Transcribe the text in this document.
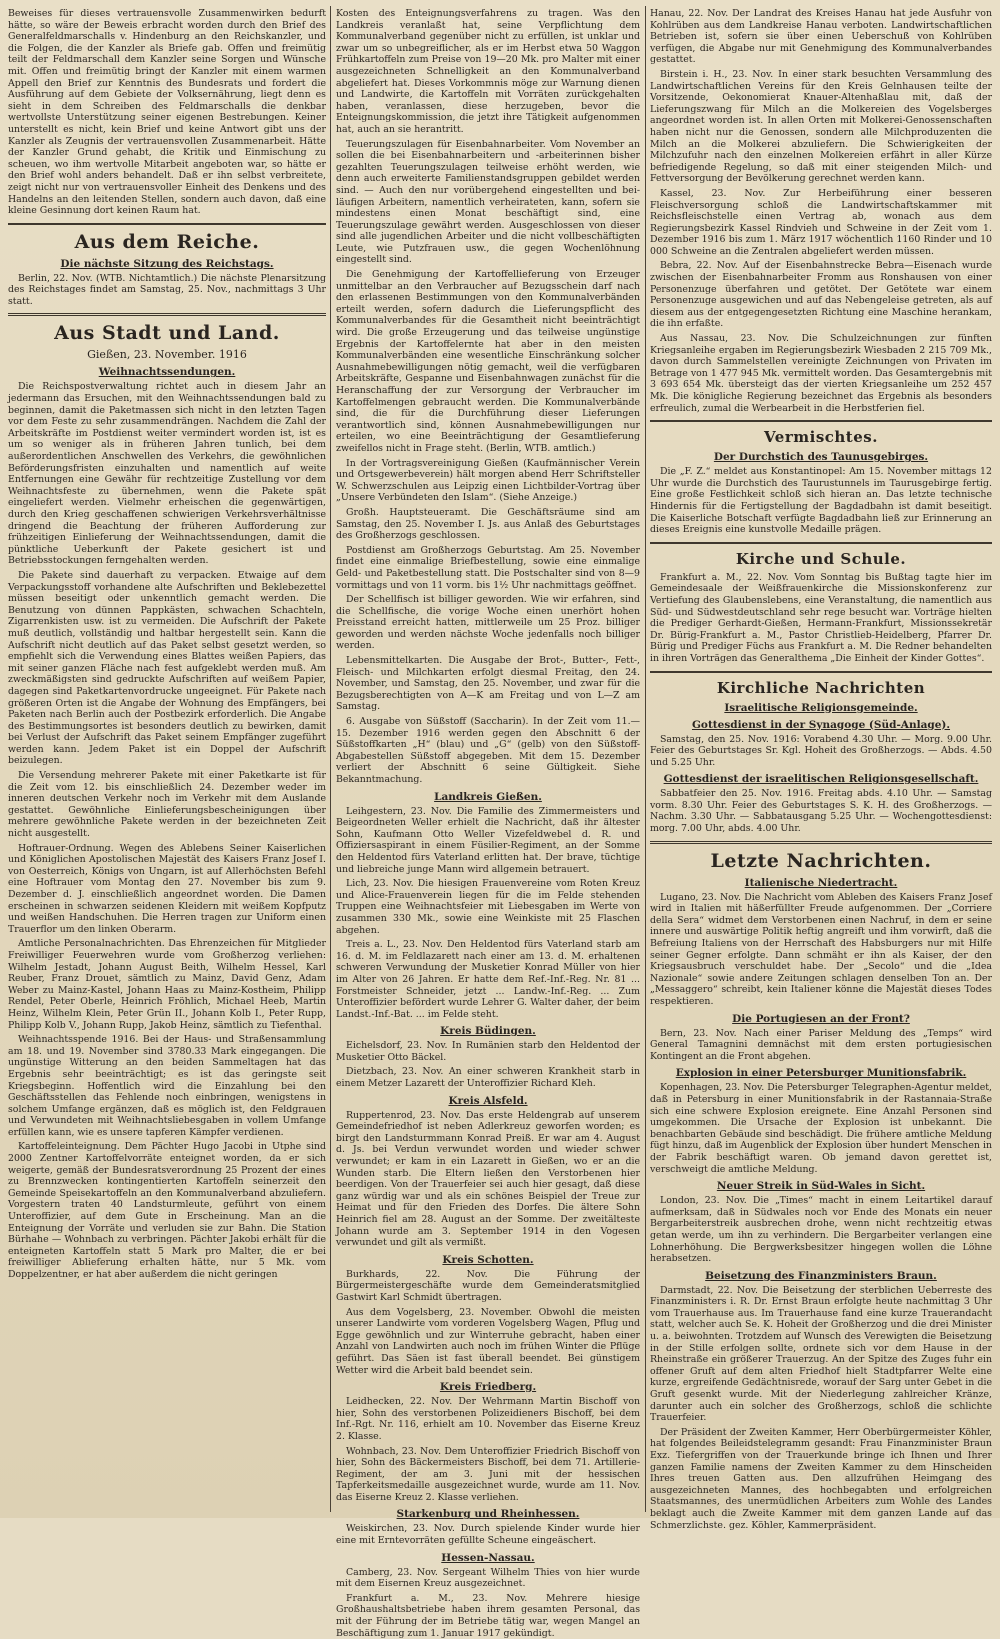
Beweises für dieses vertrauensvolle Zusammenwirken bedurft hätte, so wäre der Beweis erbracht worden durch den Brief des Generalfeldmarschalls v. Hindenburg an den Reichskanzler, und die Folgen, die der Kanzler als Briefe gab. Offen und freimütig teilt der Feldmarschall dem Kanzler seine Sorgen und Wünsche mit. Offen und freimütig bringt der Kanzler mit einem warmen Appell den Brief zur Kenntnis des Bundesrats und fordert die Ausführung auf dem Gebiete der Volksernährung, liegt denn es sieht in dem Schreiben des Feldmarschalls die denkbar wertvollste Unterstützung seiner eigenen Bestrebungen. Keiner unterstellt es nicht, kein Brief und keine Antwort gibt uns der Kanzler als Zeugnis der vertrauensvollen Zusammenarbeit. Hätte der Kanzler Grund gehabt, die Kritik und Einmischung zu scheuen, wo ihm wertvolle Mitarbeit angeboten war, so hätte er den Brief wohl anders behandelt. Daß er ihn selbst verbreitete, zeigt nicht nur von vertrauensvoller Einheit des Denkens und des Handelns an den leitenden Stellen, sondern auch davon, daß eine kleine Gesinnung dort keinen Raum hat.

Aus dem Reiche.
Die nächste Sitzung des Reichstags.

Berlin, 22. Nov. (WTB. Nichtamtlich.) Die nächste Plenarsitzung des Reichstages findet am Samstag, 25. Nov., nachmittags 3 Uhr statt.

Aus Stadt und Land.
Gießen, 23. November. 1916
Weihnachtssendungen.

Die Reichspostverwaltung richtet auch in diesem Jahr an jedermann das Ersuchen, mit den Weihnachtssendungen bald zu beginnen, damit die Paketmassen sich nicht in den letzten Tagen vor dem Feste zu sehr zusammendrängen. Nachdem die Zahl der Arbeitskräfte im Postdienst weiter vermindert worden ist, ist es um so weniger als in früheren Jahren tunlich, bei dem außerordentlichen Anschwellen des Verkehrs, die gewöhnlichen Beförderungsfristen einzuhalten und namentlich auf weite Entfernungen eine Gewähr für rechtzeitige Zustellung vor dem Weihnachtsfeste zu übernehmen, wenn die Pakete spät eingeliefert werden. Vielmehr erheischen die gegenwärtigen, durch den Krieg geschaffenen schwierigen Verkehrsverhältnisse dringend die Beachtung der früheren Aufforderung zur frühzeitigen Einlieferung der Weihnachtssendungen, damit die pünktliche Ueberkunft der Pakete gesichert ist und Betriebsstockungen ferngehalten werden.

Die Pakete sind dauerhaft zu verpacken. Etwaige auf dem Verpackungsstoff vorhandene alte Aufschriften und Beklebezettel müssen beseitigt oder unkenntlich gemacht werden. Die Benutzung von dünnen Pappkästen, schwachen Schachteln, Zigarrenkisten usw. ist zu vermeiden. Die Aufschrift der Pakete muß deutlich, vollständig und haltbar hergestellt sein. Kann die Aufschrift nicht deutlich auf das Paket selbst gesetzt werden, so empfiehlt sich die Verwendung eines Blattes weißen Papiers, das mit seiner ganzen Fläche nach fest aufgeklebt werden muß. Am zweckmäßigsten sind gedruckte Aufschriften auf weißem Papier, dagegen sind Paketkartenvordrucke ungeeignet. Für Pakete nach größeren Orten ist die Angabe der Wohnung des Empfängers, bei Paketen nach Berlin auch der Postbezirk erforderlich. Die Angabe des Bestimmungsortes ist besonders deutlich zu bewirken, damit bei Verlust der Aufschrift das Paket seinem Empfänger zugeführt werden kann. Jedem Paket ist ein Doppel der Aufschrift beizulegen.

Die Versendung mehrerer Pakete mit einer Paketkarte ist für die Zeit vom 12. bis einschließlich 24. Dezember weder im inneren deutschen Verkehr noch im Verkehr mit dem Auslande gestattet. Gewöhnliche Einlieferungsbescheinigungen über mehrere gewöhnliche Pakete werden in der bezeichneten Zeit nicht ausgestellt.

Hoftrauer-Ordnung. Wegen des Ablebens Seiner Kaiserlichen und Königlichen Apostolischen Majestät des Kaisers Franz Josef I. von Oesterreich, Königs von Ungarn, ist auf Allerhöchsten Befehl eine Hoftrauer vom Montag den 27. November bis zum 9. Dezember d. J. einschließlich angeordnet worden. Die Damen erscheinen in schwarzen seidenen Kleidern mit weißem Kopfputz und weißen Handschuhen. Die Herren tragen zur Uniform einen Trauerflor um den linken Oberarm.

Amtliche Personalnachrichten. Das Ehrenzeichen für Mitglieder Freiwilliger Feuerwehren wurde vom Großherzog verliehen: Wilhelm Jestadt, Johann August Beith, Wilhelm Hessel, Karl Reuber, Franz Drouet, sämtlich zu Mainz, David Genz, Adam Weber zu Mainz-Kastel, Johann Haas zu Mainz-Kostheim, Philipp Rendel, Peter Oberle, Heinrich Fröhlich, Michael Heeb, Martin Heinz, Wilhelm Klein, Peter Grün II., Johann Kolb I., Peter Rupp, Philipp Kolb V., Johann Rupp, Jakob Heinz, sämtlich zu Tiefenthal.

Weihnachtsspende 1916. Bei der Haus- und Straßensammlung am 18. und 19. November sind 3780.33 Mark eingegangen. Die ungünstige Witterung an den beiden Sammeltagen hat das Ergebnis sehr beeinträchtigt; es ist das geringste seit Kriegsbeginn. Hoffentlich wird die Einzahlung bei den Geschäftsstellen das Fehlende noch einbringen, wenigstens in solchem Umfange ergänzen, daß es möglich ist, den Feldgrauen und Verwundeten mit Weihnachtsliebesgaben in vollem Umfange erfüllen kann, wie es unsere tapferen Kämpfer verdienen.

Kartoffeleinteignung. Dem Pächter Hugo Jacobi in Utphe sind 2000 Zentner Kartoffelvorräte enteignet worden, da er sich weigerte, gemäß der Bundesratsverordnung 25 Prozent der eines zu Brennzwecken kontingentierten Kartoffeln seinerzeit den Gemeinde Speisekartoffeln an den Kommunalverband abzuliefern. Vorgestern traten 40 Landsturmleute, geführt von einem Unteroffizier, auf dem Gute in Erscheinung. Man an die Enteignung der Vorräte und verluden sie zur Bahn. Die Station Bürhahe — Wohnbach zu verbringen. Pächter Jakobi erhält für die enteigneten Kartoffeln statt 5 Mark pro Malter, die er bei freiwilliger Ablieferung erhalten hätte, nur 5 Mk. vom Doppelzentner, er hat aber außerdem die nicht geringen

Kosten des Enteignungsverfahrens zu tragen. Was den Landkreis veranlaßt hat, seine Verpflichtung dem Kommunalverband gegenüber nicht zu erfüllen, ist unklar und zwar um so unbegreiflicher, als er im Herbst etwa 50 Waggon Frühkartoffeln zum Preise von 19—20 Mk. pro Malter mit einer ausgezeichneten Schnelligkeit an den Kommunalverband abgeliefert hat. Dieses Vorkommnis möge zur Warnung dienen und Landwirte, die Kartoffeln mit Vorräten zurückgehalten haben, veranlassen, diese herzugeben, bevor die Enteignungskommission, die jetzt ihre Tätigkeit aufgenommen hat, auch an sie herantritt.

Teuerungszulagen für Eisenbahnarbeiter. Vom November an sollen die bei Eisenbahnarbeitern und -arbeiterinnen bisher gezahlten Teuerungszulagen teilweise erhöht werden, wie denn auch erweiterte Familienstandsgruppen gebildet werden sind. — Auch den nur vorübergehend eingestellten und bei-läufigen Arbeitern, namentlich verheirateten, kann, sofern sie mindestens einen Monat beschäftigt sind, eine Teuerungszulage gewährt werden. Ausgeschlossen von dieser sind alle jugendlichen Arbeiter und die nicht vollbeschäftigten Leute, wie Putzfrauen usw., die gegen Wochenlöhnung eingestellt sind.

Die Genehmigung der Kartoffellieferung von Erzeuger unmittelbar an den Verbraucher auf Bezugsschein darf nach den erlassenen Bestimmungen von den Kommunalverbänden erteilt werden, sofern dadurch die Lieferungspflicht des Kommunalverbandes für die Gesamtheit nicht beeinträchtigt wird. Die große Erzeugerung und das teilweise ungünstige Ergebnis der Kartoffelernte hat aber in den meisten Kommunalverbänden eine wesentliche Einschränkung solcher Ausnahmebewilligungen nötig gemacht, weil die verfügbaren Arbeitskräfte, Gespanne und Eisenbahnwagen zunächst für die Heranschaffung der zur Versorgung der Verbraucher im Kartoffelmengen gebraucht werden. Die Kommunalverbände sind, die für die Durchführung dieser Lieferungen verantwortlich sind, können Ausnahmebewilligungen nur erteilen, wo eine Beeinträchtigung der Gesamtlieferung zweifellos nicht in Frage steht. (Berlin, WTB. amtlich.)

In der Vortragsvereinigung Gießen (Kaufmännischer Verein und Ortsgewerbeverein) hält morgen abend Herr Schriftsteller W. Schwerzschulen aus Leipzig einen Lichtbilder-Vortrag über „Unsere Verbündeten den Islam“. (Siehe Anzeige.)

Großh. Hauptsteueramt. Die Geschäftsräume sind am Samstag, den 25. November I. Js. aus Anlaß des Geburtstages des Großherzogs geschlossen.

Postdienst am Großherzogs Geburtstag. Am 25. November findet eine einmalige Briefbestellung, sowie eine einmalige Geld- und Paketbestellung statt. Die Postschalter sind von 8—9 vormittags und von 11 vorm. bis 1½ Uhr nachmittags geöffnet.

Der Schellfisch ist billiger geworden. Wie wir erfahren, sind die Schellfische, die vorige Woche einen unerhört hohen Preisstand erreicht hatten, mittlerweile um 25 Proz. billiger geworden und werden nächste Woche jedenfalls noch billiger werden.

Lebensmittelkarten. Die Ausgabe der Brot-, Butter-, Fett-, Fleisch- und Milchkarten erfolgt diesmal Freitag, den 24. November, und Samstag, den 25. November, und zwar für die Bezugsberechtigten von A—K am Freitag und von L—Z am Samstag.

6. Ausgabe von Süßstoff (Saccharin). In der Zeit vom 11.—15. Dezember 1916 werden gegen den Abschnitt 6 der Süßstoffkarten „H“ (blau) und „G“ (gelb) von den Süßstoff-Abgabestellen Süßstoff abgegeben. Mit dem 15. Dezember verliert der Abschnitt 6 seine Gültigkeit. Siehe Bekanntmachung.

Landkreis Gießen.

Leihgestern, 23. Nov. Die Familie des Zimmermeisters und Beigeordneten Weller erhielt die Nachricht, daß ihr ältester Sohn, Kaufmann Otto Weller Vizefeldwebel d. R. und Offiziersaspirant in einem Füsilier-Regiment, an der Somme den Heldentod fürs Vaterland erlitten hat. Der brave, tüchtige und liebreiche junge Mann wird allgemein betrauert.

Lich, 23. Nov. Die hiesigen Frauenvereine vom Roten Kreuz und Alice-Frauenverein liegen für die im Felde stehenden Truppen eine Weihnachtsfeier mit Liebesgaben im Werte von zusammen 330 Mk., sowie eine Weinkiste mit 25 Flaschen abgehen.

Treis a. L., 23. Nov. Den Heldentod fürs Vaterland starb am 16. d. M. im Feldlazarett nach einer am 13. d. M. erhaltenen schweren Verwundung der Musketier Konrad Müller von hier im Alter von 26 Jahren. Er hatte dem Ref.-Inf.-Reg. Nr. 81 ... Forstmeister Schneider, jetzt ... Landw.-Inf.-Reg. ... Zum Unteroffizier befördert wurde Lehrer G. Walter daher, der beim Landst.-Inf.-Bat. ... im Felde steht.

Kreis Büdingen.

Eichelsdorf, 23. Nov. In Rumänien starb den Heldentod der Musketier Otto Bäckel.

Dietzbach, 23. Nov. An einer schweren Krankheit starb in einem Metzer Lazarett der Unteroffizier Richard Kleh.

Kreis Alsfeld.

Ruppertenrod, 23. Nov. Das erste Heldengrab auf unserem Gemeindefriedhof ist neben Adlerkreuz geworfen worden; es birgt den Landsturmmann Konrad Preiß. Er war am 4. August d. Js. bei Verdun verwundet worden und wieder schwer verwundet; er kam in ein Lazarett in Gießen, wo er an die Wunden starb. Die Eltern ließen den Verstorbenen hier beerdigen. Von der Trauerfeier sei auch hier gesagt, daß diese ganz würdig war und als ein schönes Beispiel der Treue zur Heimat und für den Frieden des Dorfes. Die ältere Sohn Heinrich fiel am 28. August an der Somme. Der zweitälteste Johann wurde am 3. September 1914 in den Vogesen verwundet und gilt als vermißt.

Kreis Schotten.

Burkhards, 22. Nov. Die Führung der Bürgermeistergeschäfte wurde dem Gemeinderatsmitglied Gastwirt Karl Schmidt übertragen.

Aus dem Vogelsberg, 23. November. Obwohl die meisten unserer Landwirte vom vorderen Vogelsberg Wagen, Pflug und Egge gewöhnlich und zur Winterruhe gebracht, haben einer Anzahl von Landwirten auch noch im frühen Winter die Pflüge geführt. Das Säen ist fast überall beendet. Bei günstigem Wetter wird die Arbeit bald beendet sein.

Kreis Friedberg.

Leidhecken, 22. Nov. Der Wehrmann Martin Bischoff von hier, Sohn des verstorbenen Polizeidieners Bischoff, bei dem Inf.-Rgt. Nr. 116, erhielt am 10. November das Eiserne Kreuz 2. Klasse.

Wohnbach, 23. Nov. Dem Unteroffizier Friedrich Bischoff von hier, Sohn des Bäckermeisters Bischoff, bei dem 71. Artillerie-Regiment, der am 3. Juni mit der hessischen Tapferkeitsmedaille ausgezeichnet wurde, wurde am 11. Nov. das Eiserne Kreuz 2. Klasse verliehen.

Starkenburg und Rheinhessen.

Weiskirchen, 23. Nov. Durch spielende Kinder wurde hier eine mit Erntevorräten gefüllte Scheune eingeäschert.

Hessen-Nassau.

Camberg, 23. Nov. Sergeant Wilhelm Thies von hier wurde mit dem Eisernen Kreuz ausgezeichnet.

Frankfurt a. M., 23. Nov. Mehrere hiesige Großhaushaltsbetriebe haben ihrem gesamten Personal, das mit der Führung der im Betriebe tätig war, wegen Mangel an Beschäftigung zum 1. Januar 1917 gekündigt.

Hanau, 22. Nov. Der Landrat des Kreises Hanau hat jede Ausfuhr von Kohlrüben aus dem Landkreise Hanau verboten. Landwirtschaftlichen Betrieben ist, sofern sie über einen Ueberschuß von Kohlrüben verfügen, die Abgabe nur mit Genehmigung des Kommunalverbandes gestattet.

Birstein i. H., 23. Nov. In einer stark besuchten Versammlung des Landwirtschaftlichen Vereins für den Kreis Gelnhausen teilte der Vorsitzende, Oekonomierat Knauer-Altenhaßlau mit, daß der Lieferungszwang für Milch an die Molkereien des Vogelsberges angeordnet worden ist. In allen Orten mit Molkerei-Genossenschaften haben nicht nur die Genossen, sondern alle Milchproduzenten die Milch an die Molkerei abzuliefern. Die Schwierigkeiten der Milchzufuhr nach den einzelnen Molkereien erfährt in aller Kürze befriedigende Regelung, so daß mit einer steigenden Milch- und Fettversorgung der Bevölkerung gerechnet werden kann.

Kassel, 23. Nov. Zur Herbeiführung einer besseren Fleischversorgung schloß die Landwirtschaftskammer mit Reichsfleischstelle einen Vertrag ab, wonach aus dem Regierungsbezirk Kassel Rindvieh und Schweine in der Zeit vom 1. Dezember 1916 bis zum 1. März 1917 wöchentlich 1160 Rinder und 10 000 Schweine an die Zentralen abgeliefert werden müssen.

Bebra, 22. Nov. Auf der Eisenbahnstrecke Bebra—Eisenach wurde zwischen der Eisenbahnarbeiter Fromm aus Ronshausen von einer Personenzuge überfahren und getötet. Der Getötete war einem Personenzuge ausgewichen und auf das Nebengeleise getreten, als auf diesem aus der entgegengesetzten Richtung eine Maschine herankam, die ihn erfaßte.

Aus Nassau, 23. Nov. Die Schulzeichnungen zur fünften Kriegsanleihe ergaben im Regierungsbezirk Wiesbaden 2 215 709 Mk., davon durch Sammelstellen vereinigte Zeichnungen von Privaten im Betrage von 1 477 945 Mk. vermittelt worden. Das Gesamtergebnis mit 3 693 654 Mk. übersteigt das der vierten Kriegsanleihe um 252 457 Mk. Die königliche Regierung bezeichnet das Ergebnis als besonders erfreulich, zumal die Werbearbeit in die Herbstferien fiel.

Vermischtes.
Der Durchstich des Taunusgebirges.

Die „F. Z.“ meldet aus Konstantinopel: Am 15. November mittags 12 Uhr wurde die Durchstich des Taurustunnels im Taurusgebirge fertig. Eine große Festlichkeit schloß sich hieran an. Das letzte technische Hindernis für die Fertigstellung der Bagdadbahn ist damit beseitigt. Die Kaiserliche Botschaft verfügte Bagdadbahn ließ zur Erinnerung an dieses Ereignis eine kunstvolle Medaille prägen.

Kirche und Schule.

Frankfurt a. M., 22. Nov. Vom Sonntag bis Bußtag tagte hier im Gemeindesaale der Weißfrauenkirche die Missionskonferenz zur Vertiefung des Glaubenslebens, eine Veranstaltung, die namentlich aus Süd- und Südwestdeutschland sehr rege besucht war. Vorträge hielten die Prediger Gerhardt-Gießen, Hermann-Frankfurt, Missionssekretär Dr. Bürig-Frankfurt a. M., Pastor Christlieb-Heidelberg, Pfarrer Dr. Bürig und Prediger Füchs aus Frankfurt a. M. Die Redner behandelten in ihren Vorträgen das Generalthema „Die Einheit der Kinder Gottes“.

Kirchliche Nachrichten
Israelitische Religionsgemeinde.
Gottesdienst in der Synagoge (Süd-Anlage).

Samstag, den 25. Nov. 1916: Vorabend 4.30 Uhr. — Morg. 9.00 Uhr. Feier des Geburtstages Sr. Kgl. Hoheit des Großherzogs. — Abds. 4.50 und 5.25 Uhr.

Gottesdienst der israelitischen Religionsgesellschaft.

Sabbatfeier den 25. Nov. 1916. Freitag abds. 4.10 Uhr. — Samstag vorm. 8.30 Uhr. Feier des Geburtstages S. K. H. des Großherzogs. — Nachm. 3.30 Uhr. — Sabbatausgang 5.25 Uhr. — Wochengottesdienst: morg. 7.00 Uhr, abds. 4.00 Uhr.

Letzte Nachrichten.
Italienische Niedertracht.

Lugano, 23. Nov. Die Nachricht vom Ableben des Kaisers Franz Josef wird in Italien mit häßerfüllter Freude aufgenommen. Der „Corriere della Sera“ widmet dem Verstorbenen einen Nachruf, in dem er seine innere und auswärtige Politik heftig angreift und ihm vorwirft, daß die Befreiung Italiens von der Herrschaft des Habsburgers nur mit Hilfe seiner Gegner erfolgte. Dann schmäht er ihn als Kaiser, der den Kriegsausbruch verschuldet habe. Der „Secolo“ und die „Idea Nazionale“ sowie andere Zeitungen schlagen denselben Ton an. Der „Messaggero“ schreibt, kein Italiener könne die Majestät dieses Todes respektieren.

Die Portugiesen an der Front?

Bern, 23. Nov. Nach einer Pariser Meldung des „Temps“ wird General Tamagnini demnächst mit dem ersten portugiesischen Kontingent an die Front abgehen.

Explosion in einer Petersburger Munitionsfabrik.

Kopenhagen, 23. Nov. Die Petersburger Telegraphen-Agentur meldet, daß in Petersburg in einer Munitionsfabrik in der Rastannaia-Straße sich eine schwere Explosion ereignete. Eine Anzahl Personen sind umgekommen. Die Ursache der Explosion ist unbekannt. Die benachbarten Gebäude sind beschädigt. Die frühere amtliche Meldung fügt hinzu, daß im Augenblick der Explosion über hundert Menschen in der Fabrik beschäftigt waren. Ob jemand davon gerettet ist, verschweigt die amtliche Meldung.

Neuer Streik in Süd-Wales in Sicht.

London, 23. Nov. Die „Times“ macht in einem Leitartikel darauf aufmerksam, daß in Südwales noch vor Ende des Monats ein neuer Bergarbeiterstreik ausbrechen drohe, wenn nicht rechtzeitig etwas getan werde, um ihn zu verhindern. Die Bergarbeiter verlangen eine Lohnerhöhung. Die Bergwerksbesitzer hingegen wollen die Löhne herabsetzen.

Beisetzung des Finanzministers Braun.

Darmstadt, 22. Nov. Die Beisetzung der sterblichen Ueberreste des Finanzministers i. R. Dr. Ernst Braun erfolgte heute nachmittag 3 Uhr vom Trauerhause aus. Im Trauerhause fand eine kurze Trauerandacht statt, welcher auch Se. K. Hoheit der Großherzog und die drei Minister u. a. beiwohnten. Trotzdem auf Wunsch des Verewigten die Beisetzung in der Stille erfolgen sollte, ordnete sich vor dem Hause in der Rheinstraße ein größerer Trauerzug. An der Spitze des Zuges fuhr ein offener Gruft auf dem alten Friedhof hielt Stadtpfarrer Welte eine kurze, ergreifende Gedächtnisrede, worauf der Sarg unter Gebet in die Gruft gesenkt wurde. Mit der Niederlegung zahlreicher Kränze, darunter auch ein solcher des Großherzogs, schloß die schlichte Trauerfeier.

Der Präsident der Zweiten Kammer, Herr Oberbürgermeister Köhler, hat folgendes Beileidstelegramm gesandt: Frau Finanzminister Braun Exz. Tiefergriffen von der Trauerkunde bringe ich Ihnen und Ihrer ganzen Familie namens der Zweiten Kammer zu dem Hinscheiden Ihres treuen Gatten aus. Den allzufrühen Heimgang des ausgezeichneten Mannes, des hochbegabten und erfolgreichen Staatsmannes, des unermüdlichen Arbeiters zum Wohle des Landes beklagt auch die Zweite Kammer mit dem ganzen Lande auf das Schmerzlichste. gez. Köhler, Kammerpräsident.
